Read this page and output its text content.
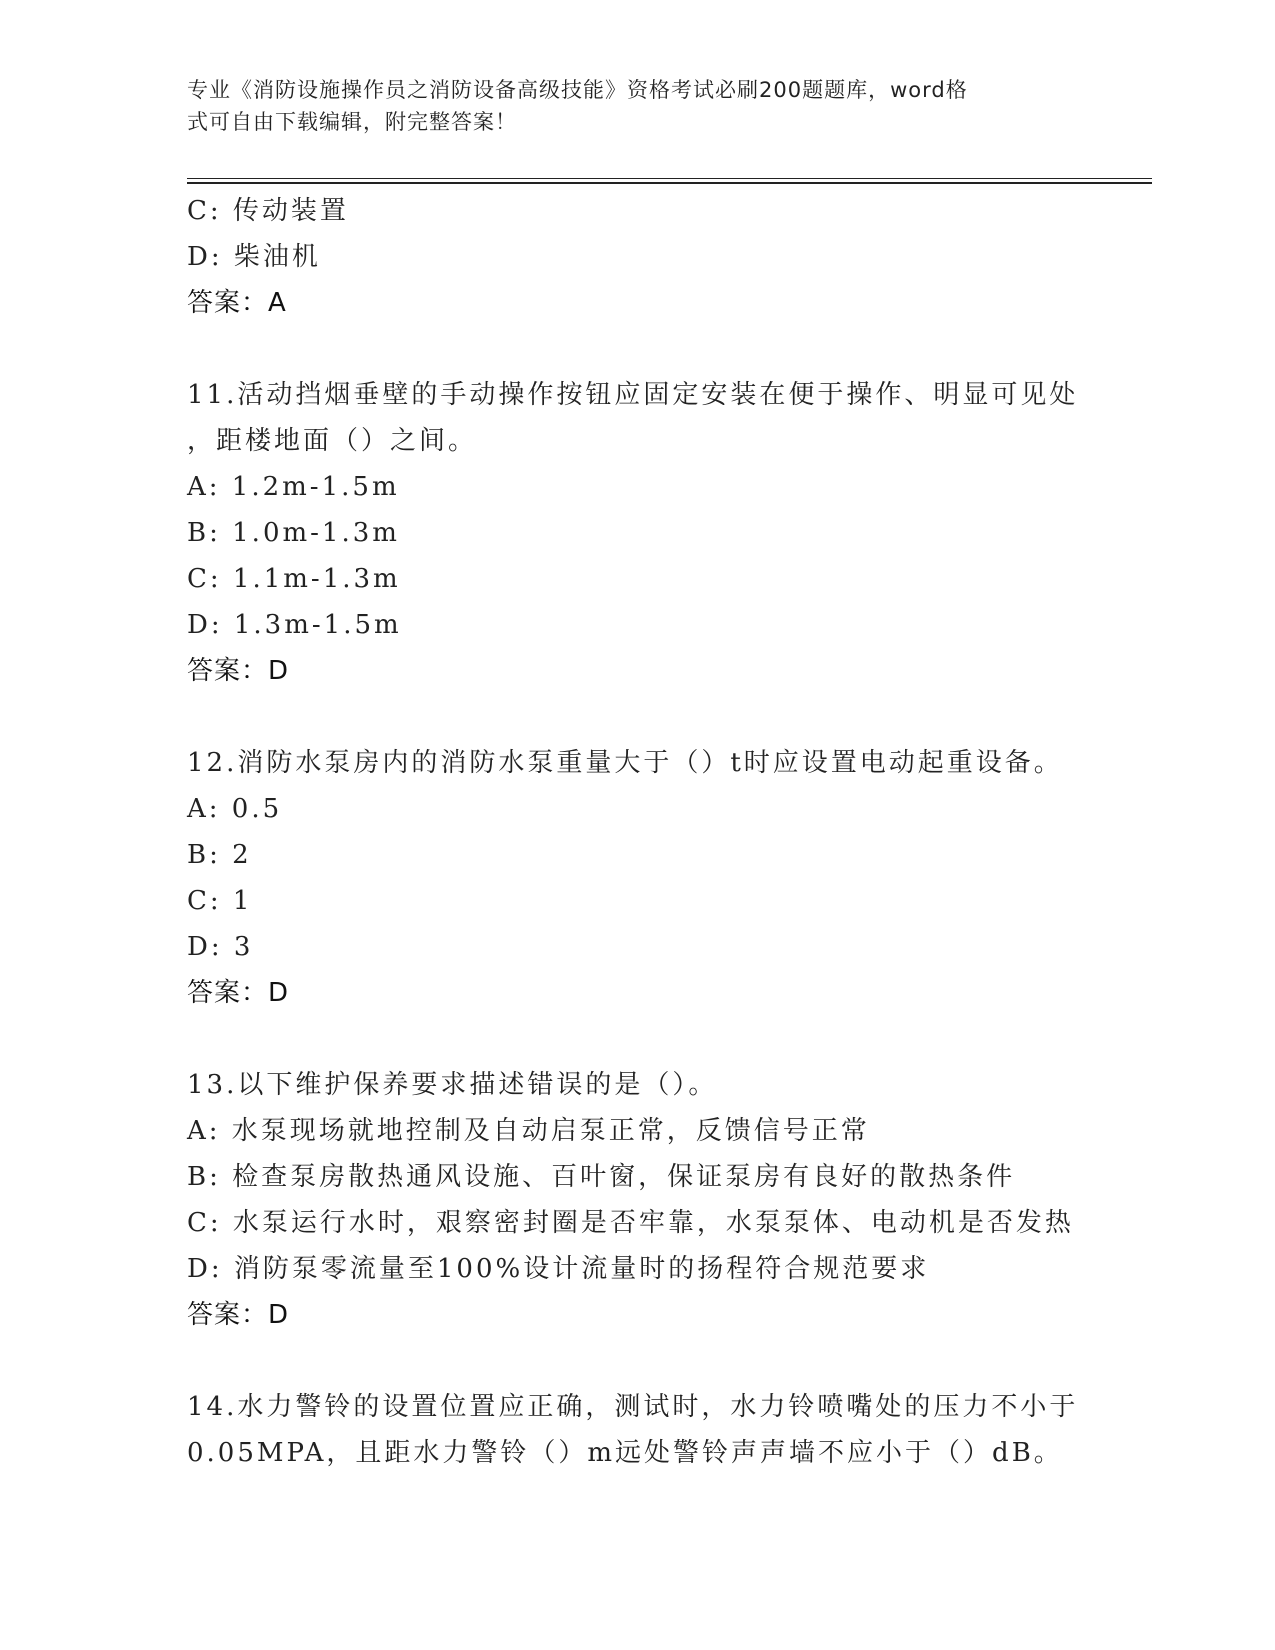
专业《消防设施操作员之消防设备高级技能》资格考试必刷200题题库，word格
式可自由下载编辑，附完整答案！
C: 传动装置
D: 柴油机
答案：A
11.活动挡烟垂壁的手动操作按钮应固定安装在便于操作、明显可见处
，距楼地面（）之间。
A: 1.2m-1.5m
B: 1.0m-1.3m
C: 1.1m-1.3m
D: 1.3m-1.5m
答案：D
12.消防水泵房内的消防水泵重量大于（）t时应设置电动起重设备。
A: 0.5
B: 2
C: 1
D: 3
答案：D
13.以下维护保养要求描述错误的是（）。
A: 水泵现场就地控制及自动启泵正常，反馈信号正常
B: 检查泵房散热通风设施、百叶窗，保证泵房有良好的散热条件
C: 水泵运行水时，艰察密封圈是否牢靠，水泵泵体、电动机是否发热
D: 消防泵零流量至100%设计流量时的扬程符合规范要求
答案：D
14.水力警铃的设置位置应正确，测试时，水力铃喷嘴处的压力不小于
0.05MPA，且距水力警铃（）m远处警铃声声墙不应小于（）dB。
